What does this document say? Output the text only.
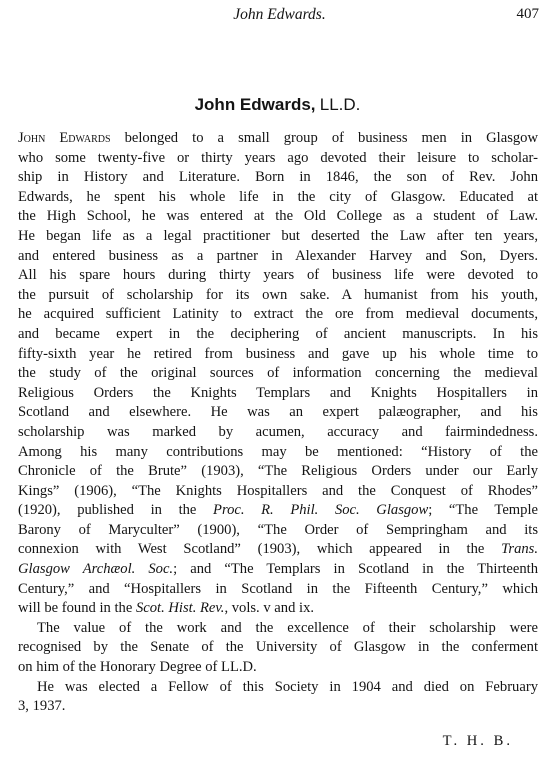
John Edwards.	407
John Edwards, LL.D.
John Edwards belonged to a small group of business men in Glasgow
who some twenty-five or thirty years ago devoted their leisure to scholar-
ship in History and Literature. Born in 1846, the son of Rev. John
Edwards, he spent his whole life in the city of Glasgow. Educated at
the High School, he was entered at the Old College as a student of Law.
He began life as a legal practitioner but deserted the Law after ten years,
and entered business as a partner in Alexander Harvey and Son, Dyers.
All his spare hours during thirty years of business life were devoted to
the pursuit of scholarship for its own sake. A humanist from his youth,
he acquired sufficient Latinity to extract the ore from medieval documents,
and became expert in the deciphering of ancient manuscripts. In his
fifty-sixth year he retired from business and gave up his whole time to
the study of the original sources of information concerning the medieval
Religious Orders the Knights Templars and Knights Hospitallers in
Scotland and elsewhere. He was an expert palæographer, and his
scholarship was marked by acumen, accuracy and fairmindedness.
Among his many contributions may be mentioned: “History of the
Chronicle of the Brute” (1903), “The Religious Orders under our Early
Kings” (1906), “The Knights Hospitallers and the Conquest of Rhodes”
(1920), published in the Proc. R. Phil. Soc. Glasgow; “The Temple
Barony of Maryculter” (1900), “The Order of Sempringham and its
connexion with West Scotland” (1903), which appeared in the Trans.
Glasgow Archæol. Soc.; and “The Templars in Scotland in the Thirteenth
Century,” and “Hospitallers in Scotland in the Fifteenth Century,” which
will be found in the Scot. Hist. Rev., vols. v and ix.
The value of the work and the excellence of their scholarship were
recognised by the Senate of the University of Glasgow in the conferment
on him of the Honorary Degree of LL.D.
He was elected a Fellow of this Society in 1904 and died on February
3, 1937.
T. H. B.
